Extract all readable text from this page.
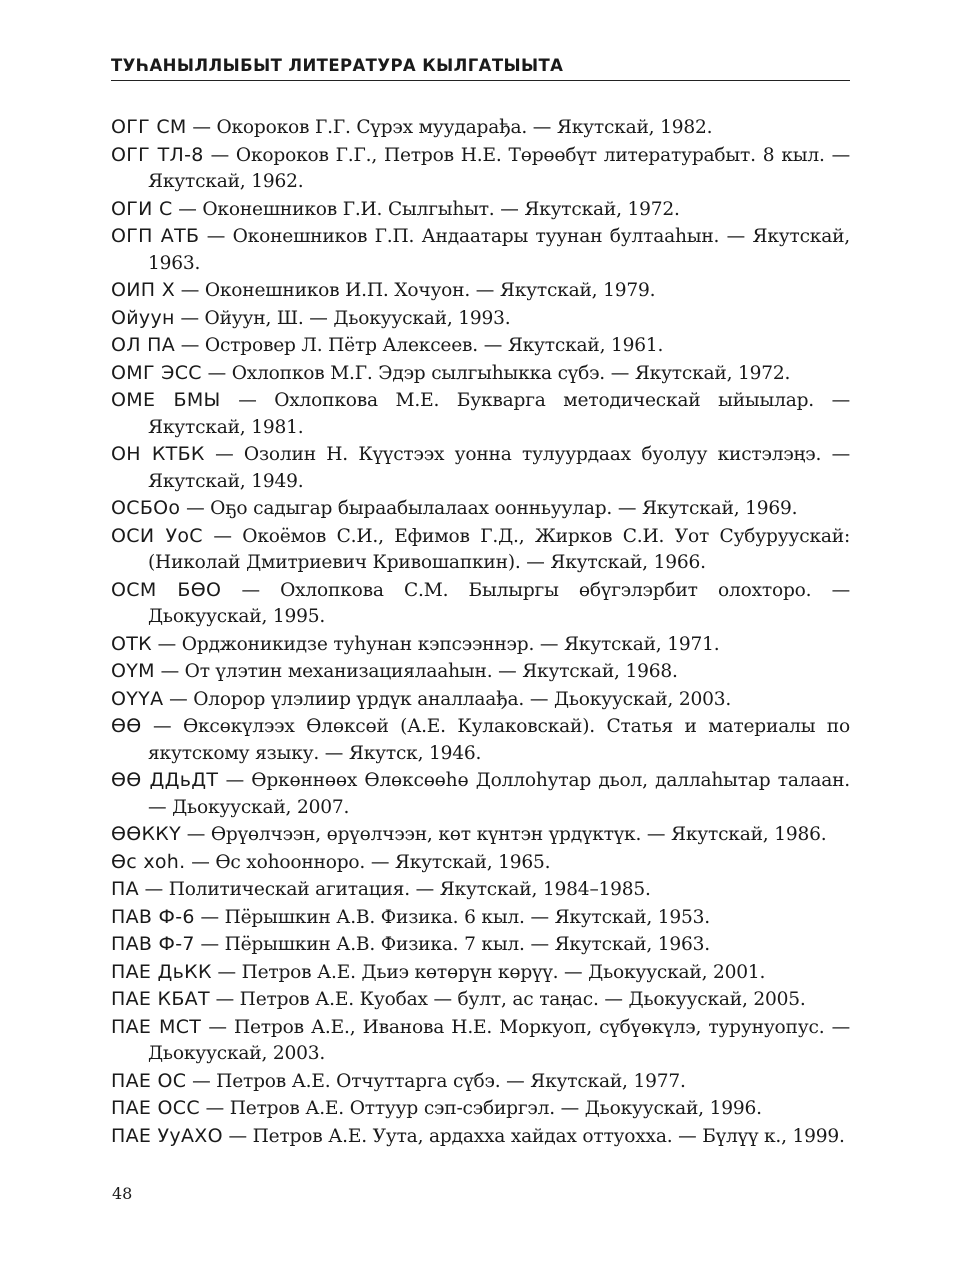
ТУҺАНЫЛЛЫБЫТ ЛИТЕРАТУРА КЫЛГАТЫЫТА
ОГГ СМ — Окороков Г.Г. Сүрэх муударађа. — Якутскай, 1982.
ОГГ ТЛ-8 — Окороков Г.Г., Петров Н.Е. Төрөөбүт литературабыт. 8 кыл. — Якутскай, 1962.
ОГИ С — Оконешников Г.И. Сылгыһыт. — Якутскай, 1972.
ОГП АТБ — Оконешников Г.П. Андаатары туунан бултааһын. — Якутскай, 1963.
ОИП Х — Оконешников И.П. Хочуон. — Якутскай, 1979.
Ойуун — Ойуун, Ш. — Дьокуускай, 1993.
ОЛ ПА — Островер Л. Пётр Алексеев. — Якутскай, 1961.
ОМГ ЭСС — Охлопков М.Г. Эдэр сылгыһыкка сүбэ. — Якутскай, 1972.
ОМЕ БМЫ — Охлопкова М.Е. Букварга методическай ыйыылар. — Якутскай, 1981.
ОН КТБК — Озолин Н. Күүстээх уонна тулуурдаах буолуу кистэлэңэ. — Якутскай, 1949.
ОСБОо — Оҕо садыгар быраабылалаах оонньуулар. — Якутскай, 1969.
ОСИ УоС — Окоёмов С.И., Ефимов Г.Д., Жирков С.И. Уот Субуруускай: (Николай Дмитриевич Кривошапкин). — Якутскай, 1966.
ОСМ БӨО — Охлопкова С.М. Былыргы өбүгэлэрбит олохторо. — Дьокуускай, 1995.
ОТК — Орджоникидзе туһунан кэпсээннэр. — Якутскай, 1971.
ОҮМ — От үлэтин механизациялааһын. — Якутскай, 1968.
ОҮҮА — Олорор үлэлиир үрдүк аналлаађа. — Дьокуускай, 2003.
ӨӨ — Өксөкүлээх Өлөксөй (А.Е. Кулаковскай). Статья и материалы по якутскому языку. — Якутск, 1946.
ӨӨ ДДьДТ — Өркөннөөх Өлөксөөһө Доллоһутар дьол, даллаһытар талаан. — Дьокуускай, 2007.
ӨӨККҮ — Өрүөлчээн, өрүөлчээн, көт күнтэн үрдүктүк. — Якутскай, 1986.
Өс хоһ. — Өс хоһоонноро. — Якутскай, 1965.
ПА — Политическай агитация. — Якутскай, 1984–1985.
ПАВ Ф-6 — Пёрышкин А.В. Физика. 6 кыл. — Якутскай, 1953.
ПАВ Ф-7 — Пёрышкин А.В. Физика. 7 кыл. — Якутскай, 1963.
ПАЕ ДьКК — Петров А.Е. Дьиэ көтөрүн көрүү. — Дьокуускай, 2001.
ПАЕ КБАТ — Петров А.Е. Куобах — булт, ас таңас. — Дьокуускай, 2005.
ПАЕ МСТ — Петров А.Е., Иванова Н.Е. Моркуоп, сүбүөкүлэ, турунуопус. — Дьокуускай, 2003.
ПАЕ ОС — Петров А.Е. Отчуттарга сүбэ. — Якутскай, 1977.
ПАЕ ОСС — Петров А.Е. Оттуур сэп-сэбиргэл. — Дьокуускай, 1996.
ПАЕ УуАХО — Петров А.Е. Уута, ардахха хайдах оттуохха. — Бүлүү к., 1999.
48
